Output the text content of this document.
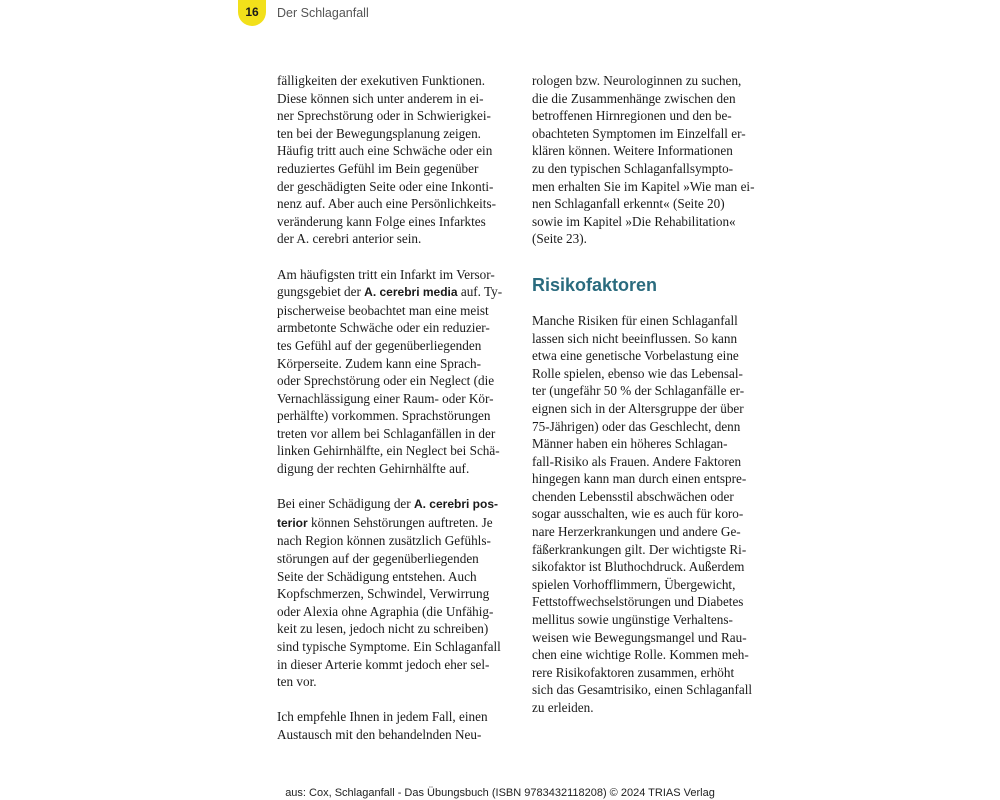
16 Der Schlaganfall

fälligkeiten der exekutiven Funktionen.
Diese können sich unter anderem in ei-
ner Sprechstörung oder in Schwierigkei-
ten bei der Bewegungsplanung zeigen.
Häufig tritt auch eine Schwäche oder ein
reduziertes Gefühl im Bein gegenüber
der geschädigten Seite oder eine Inkonti-
nenz auf. Aber auch eine Persönlichkeits-
veränderung kann Folge eines Infarktes
der A. cerebri anterior sein.

Am häufigsten tritt ein Infarkt im Versor-
gungsgebiet der A. cerebri media auf. Ty-
pischerweise beobachtet man eine meist
armbetonte Schwäche oder ein reduzier-
tes Gefühl auf der gegenüberliegenden
Körperseite. Zudem kann eine Sprach-
oder Sprechstörung oder ein Neglect (die
Vernachlässigung einer Raum- oder Kör-
perhälfte) vorkommen. Sprachstörungen
treten vor allem bei Schlaganfällen in der
linken Gehirnhälfte, ein Neglect bei Schä-
digung der rechten Gehirnhälfte auf.

Bei einer Schädigung der A. cerebri pos-
terior können Sehstörungen auftreten. Je
nach Region können zusätzlich Gefühls-
störungen auf der gegenüberliegenden
Seite der Schädigung entstehen. Auch
Kopfschmerzen, Schwindel, Verwirrung
oder Alexia ohne Agraphia (die Unfähig-
keit zu lesen, jedoch nicht zu schreiben)
sind typische Symptome. Ein Schlaganfall
in dieser Arterie kommt jedoch eher sel-
ten vor.

Ich empfehle Ihnen in jedem Fall, einen
Austausch mit den behandelnden Neu-

rologen bzw. Neurologinnen zu suchen,
die die Zusammenhänge zwischen den
betroffenen Hirnregionen und den be-
obachteten Symptomen im Einzelfall er-
klären können. Weitere Informationen
zu den typischen Schlaganfallsympto-
men erhalten Sie im Kapitel »Wie man ei-
nen Schlaganfall erkennt« (Seite 20)
sowie im Kapitel »Die Rehabilitation«
(Seite 23).

Risikofaktoren

Manche Risiken für einen Schlaganfall
lassen sich nicht beeinflussen. So kann
etwa eine genetische Vorbelastung eine
Rolle spielen, ebenso wie das Lebensal-
ter (ungefähr 50 % der Schlaganfälle er-
eignen sich in der Altersgruppe der über
75-Jährigen) oder das Geschlecht, denn
Männer haben ein höheres Schlagan-
fall-Risiko als Frauen. Andere Faktoren
hingegen kann man durch einen entspre-
chenden Lebensstil abschwächen oder
sogar ausschalten, wie es auch für koro-
nare Herzerkrankungen und andere Ge-
fäßerkrankungen gilt. Der wichtigste Ri-
sikofaktor ist Bluthochdruck. Außerdem
spielen Vorhofflimmern, Übergewicht,
Fettstoffwechselstörungen und Diabetes
mellitus sowie ungünstige Verhaltens-
weisen wie Bewegungsmangel und Rau-
chen eine wichtige Rolle. Kommen meh-
rere Risikofaktoren zusammen, erhöht
sich das Gesamtrisiko, einen Schlaganfall
zu erleiden.

aus: Cox, Schlaganfall - Das Übungsbuch (ISBN 9783432118208) © 2024 TRIAS Verlag
